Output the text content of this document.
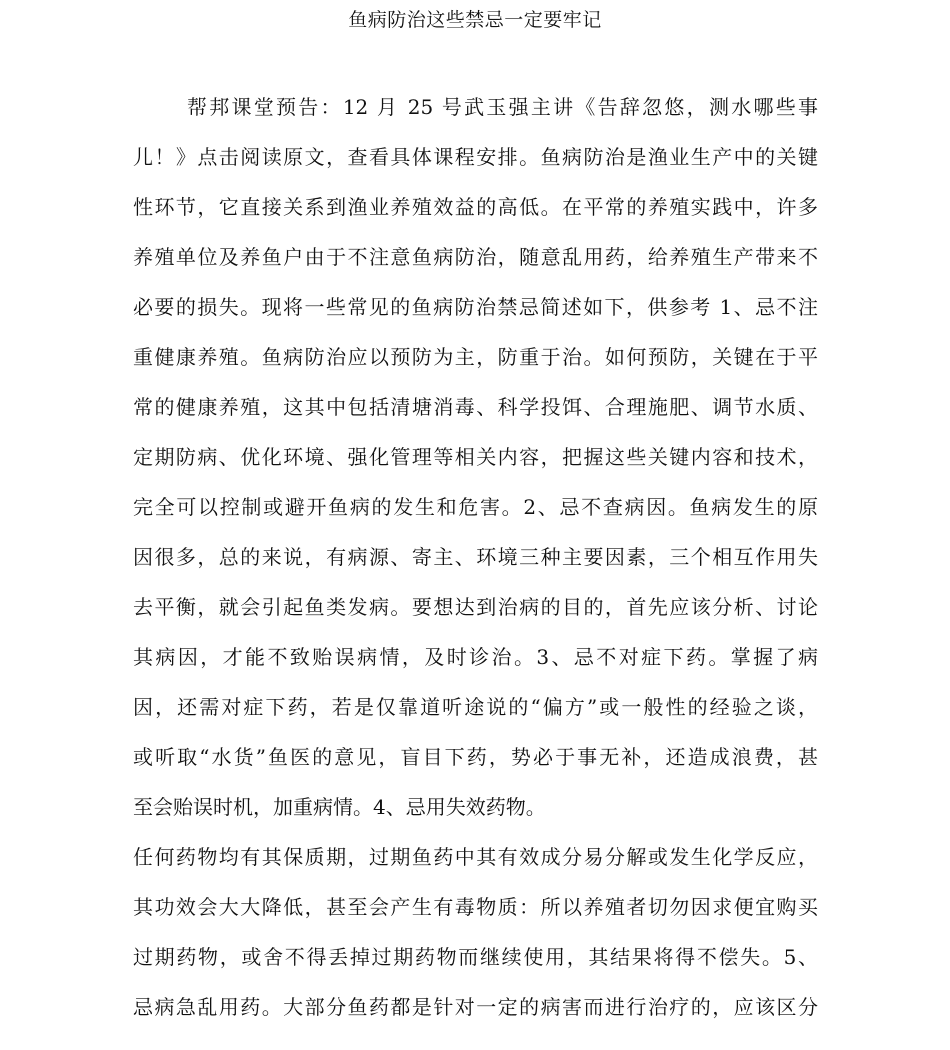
鱼病防治这些禁忌一定要牢记
帮邦课堂预告：12 月 25 号武玉强主讲《告辞忽悠，测水哪些事
儿！》点击阅读原文，查看具体课程安排。鱼病防治是渔业生产中的关键
性环节，它直接关系到渔业养殖效益的高低。在平常的养殖实践中，许多
养殖单位及养鱼户由于不注意鱼病防治，随意乱用药，给养殖生产带来不
必要的损失。现将一些常见的鱼病防治禁忌简述如下，供参考 1、忌不注
重健康养殖。鱼病防治应以预防为主，防重于治。如何预防，关键在于平
常的健康养殖，这其中包括清塘消毒、科学投饵、合理施肥、调节水质、
定期防病、优化环境、强化管理等相关内容，把握这些关键内容和技术，
完全可以控制或避开鱼病的发生和危害。2、忌不查病因。鱼病发生的原
因很多，总的来说，有病源、寄主、环境三种主要因素，三个相互作用失
去平衡，就会引起鱼类发病。要想达到治病的目的，首先应该分析、讨论
其病因，才能不致贻误病情，及时诊治。3、忌不对症下药。掌握了病
因，还需对症下药，若是仅靠道听途说的“偏方”或一般性的经验之谈，
或听取“水货”鱼医的意见，盲目下药，势必于事无补，还造成浪费，甚
至会贻误时机，加重病情。4、忌用失效药物。
任何药物均有其保质期，过期鱼药中其有效成分易分解或发生化学反应，
其功效会大大降低，甚至会产生有毒物质：所以养殖者切勿因求便宜购买
过期药物，或舍不得丢掉过期药物而继续使用，其结果将得不偿失。5、
忌病急乱用药。大部分鱼药都是针对一定的病害而进行治疗的，应该区分
